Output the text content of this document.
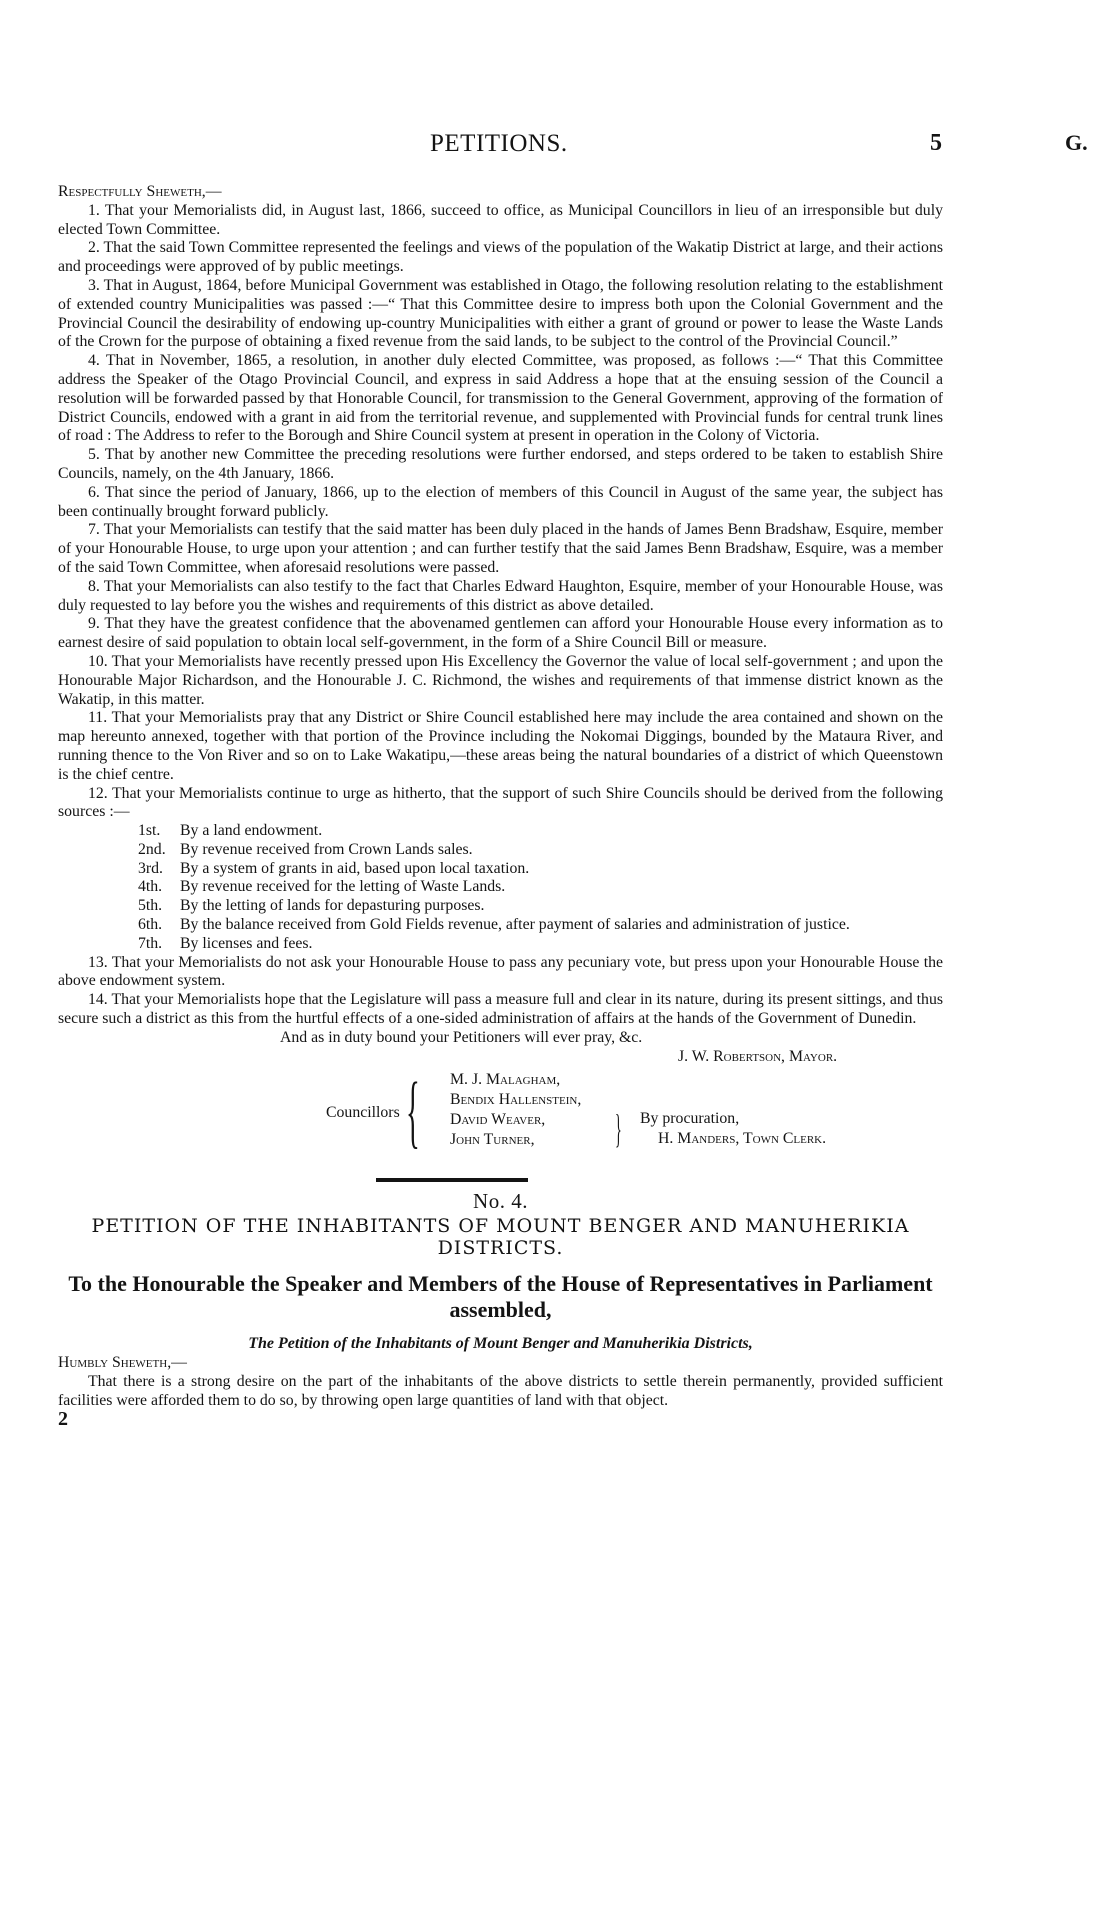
PETITIONS.	5	G.

Respectfully Sheweth,—

1. That your Memorialists did, in August last, 1866, succeed to office, as Municipal Councillors in lieu of an irresponsible but duly elected Town Committee.

2. That the said Town Committee represented the feelings and views of the population of the Wakatip District at large, and their actions and proceedings were approved of by public meetings.

3. That in August, 1864, before Municipal Government was established in Otago, the following resolution relating to the establishment of extended country Municipalities was passed :—“ That this Committee desire to impress both upon the Colonial Government and the Provincial Council the desirability of endowing up-country Municipalities with either a grant of ground or power to lease the Waste Lands of the Crown for the purpose of obtaining a fixed revenue from the said lands, to be subject to the control of the Provincial Council.”

4. That in November, 1865, a resolution, in another duly elected Committee, was proposed, as follows :—“ That this Committee address the Speaker of the Otago Provincial Council, and express in said Address a hope that at the ensuing session of the Council a resolution will be forwarded passed by that Honorable Council, for transmission to the General Government, approving of the formation of District Councils, endowed with a grant in aid from the territorial revenue, and supplemented with Provincial funds for central trunk lines of road : The Address to refer to the Borough and Shire Council system at present in operation in the Colony of Victoria.

5. That by another new Committee the preceding resolutions were further endorsed, and steps ordered to be taken to establish Shire Councils, namely, on the 4th January, 1866.

6. That since the period of January, 1866, up to the election of members of this Council in August of the same year, the subject has been continually brought forward publicly.

7. That your Memorialists can testify that the said matter has been duly placed in the hands of James Benn Bradshaw, Esquire, member of your Honourable House, to urge upon your attention ; and can further testify that the said James Benn Bradshaw, Esquire, was a member of the said Town Committee, when aforesaid resolutions were passed.

8. That your Memorialists can also testify to the fact that Charles Edward Haughton, Esquire, member of your Honourable House, was duly requested to lay before you the wishes and requirements of this district as above detailed.

9. That they have the greatest confidence that the abovenamed gentlemen can afford your Honourable House every information as to earnest desire of said population to obtain local self-government, in the form of a Shire Council Bill or measure.

10. That your Memorialists have recently pressed upon His Excellency the Governor the value of local self-government ; and upon the Honourable Major Richardson, and the Honourable J. C. Richmond, the wishes and requirements of that immense district known as the Wakatip, in this matter.

11. That your Memorialists pray that any District or Shire Council established here may include the area contained and shown on the map hereunto annexed, together with that portion of the Province including the Nokomai Diggings, bounded by the Mataura River, and running thence to the Von River and so on to Lake Wakatipu,—these areas being the natural boundaries of a district of which Queenstown is the chief centre.

12. That your Memorialists continue to urge as hitherto, that the support of such Shire Councils should be derived from the following sources :—

1st.	By a land endowment.
2nd. By revenue received from Crown Lands sales.
3rd.	By a system of grants in aid, based upon local taxation.
4th.	By revenue received for the letting of Waste Lands.
5th.	By the letting of lands for depasturing purposes.
6th.	By the balance received from Gold Fields revenue, after payment of salaries and administration of justice.
7th.	By licenses and fees.

13. That your Memorialists do not ask your Honourable House to pass any pecuniary vote, but press upon your Honourable House the above endowment system.

14. That your Memorialists hope that the Legislature will pass a measure full and clear in its nature, during its present sittings, and thus secure such a district as this from the hurtful effects of a one-sided administration of affairs at the hands of the Government of Dunedin.

And as in duty bound your Petitioners will ever pray, &c.

J. W. Robertson, Mayor.

Councillors { M. J. Malagham,
Bendix Hallenstein,
David Weaver,
John Turner,	} By procuration,
H. Manders, Town Clerk.
No. 4.
PETITION OF THE INHABITANTS OF MOUNT BENGER AND MANUHERIKIA DISTRICTS.
To the Honourable the Speaker and Members of the House of Representatives in Parliament assembled,
The Petition of the Inhabitants of Mount Benger and Manuherikia Districts,

Humbly Sheweth,—

That there is a strong desire on the part of the inhabitants of the above districts to settle therein permanently, provided sufficient facilities were afforded them to do so, by throwing open large quantities of land with that object.

2
